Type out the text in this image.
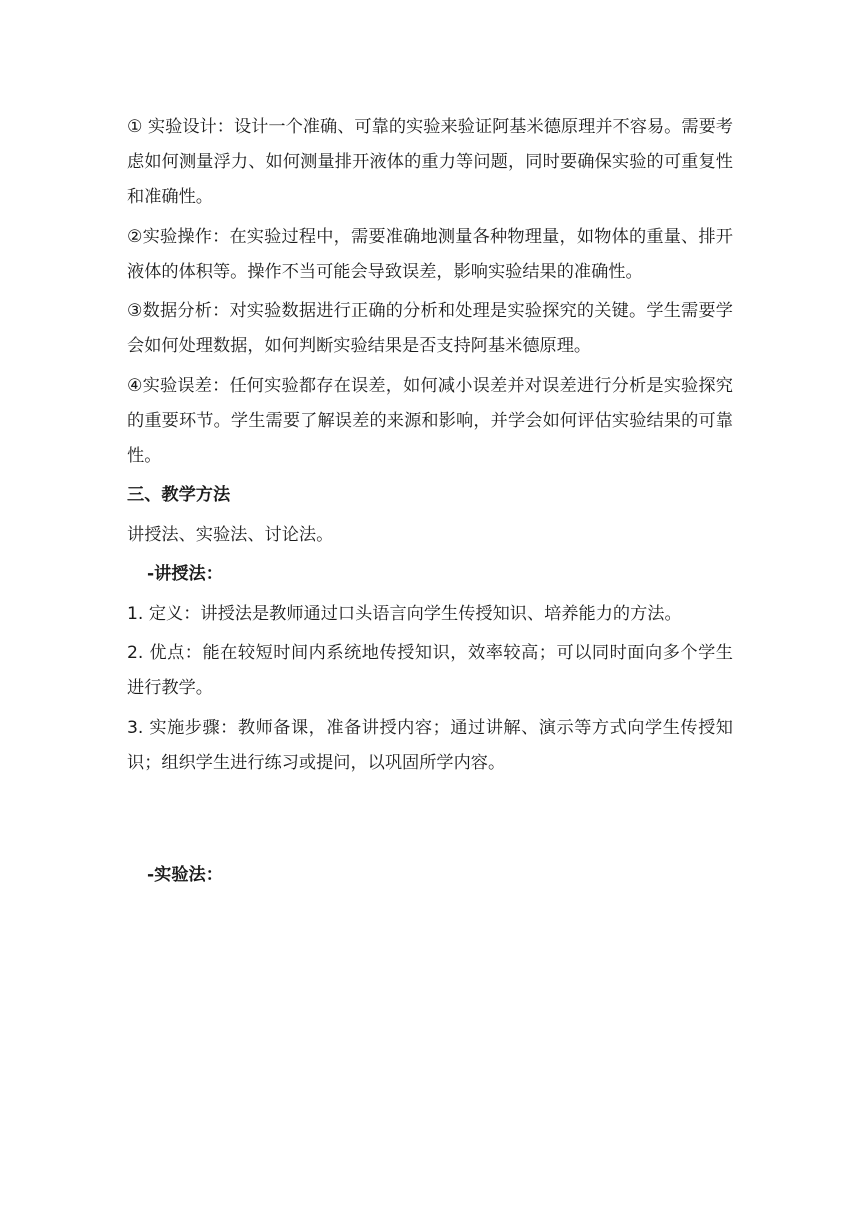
① 实验设计：设计一个准确、可靠的实验来验证阿基米德原理并不容易。需要考虑如何测量浮力、如何测量排开液体的重力等问题，同时要确保实验的可重复性和准确性。

②实验操作：在实验过程中，需要准确地测量各种物理量，如物体的重量、排开液体的体积等。操作不当可能会导致误差，影响实验结果的准确性。

③数据分析：对实验数据进行正确的分析和处理是实验探究的关键。学生需要学会如何处理数据，如何判断实验结果是否支持阿基米德原理。

④实验误差：任何实验都存在误差，如何减小误差并对误差进行分析是实验探究的重要环节。学生需要了解误差的来源和影响，并学会如何评估实验结果的可靠性。

三、教学方法

讲授法、实验法、讨论法。

-讲授法：

1. 定义：讲授法是教师通过口头语言向学生传授知识、培养能力的方法。

2. 优点：能在较短时间内系统地传授知识，效率较高；可以同时面向多个学生进行教学。

3. 实施步骤：教师备课，准备讲授内容；通过讲解、演示等方式向学生传授知识；组织学生进行练习或提问，以巩固所学内容。

-实验法：
